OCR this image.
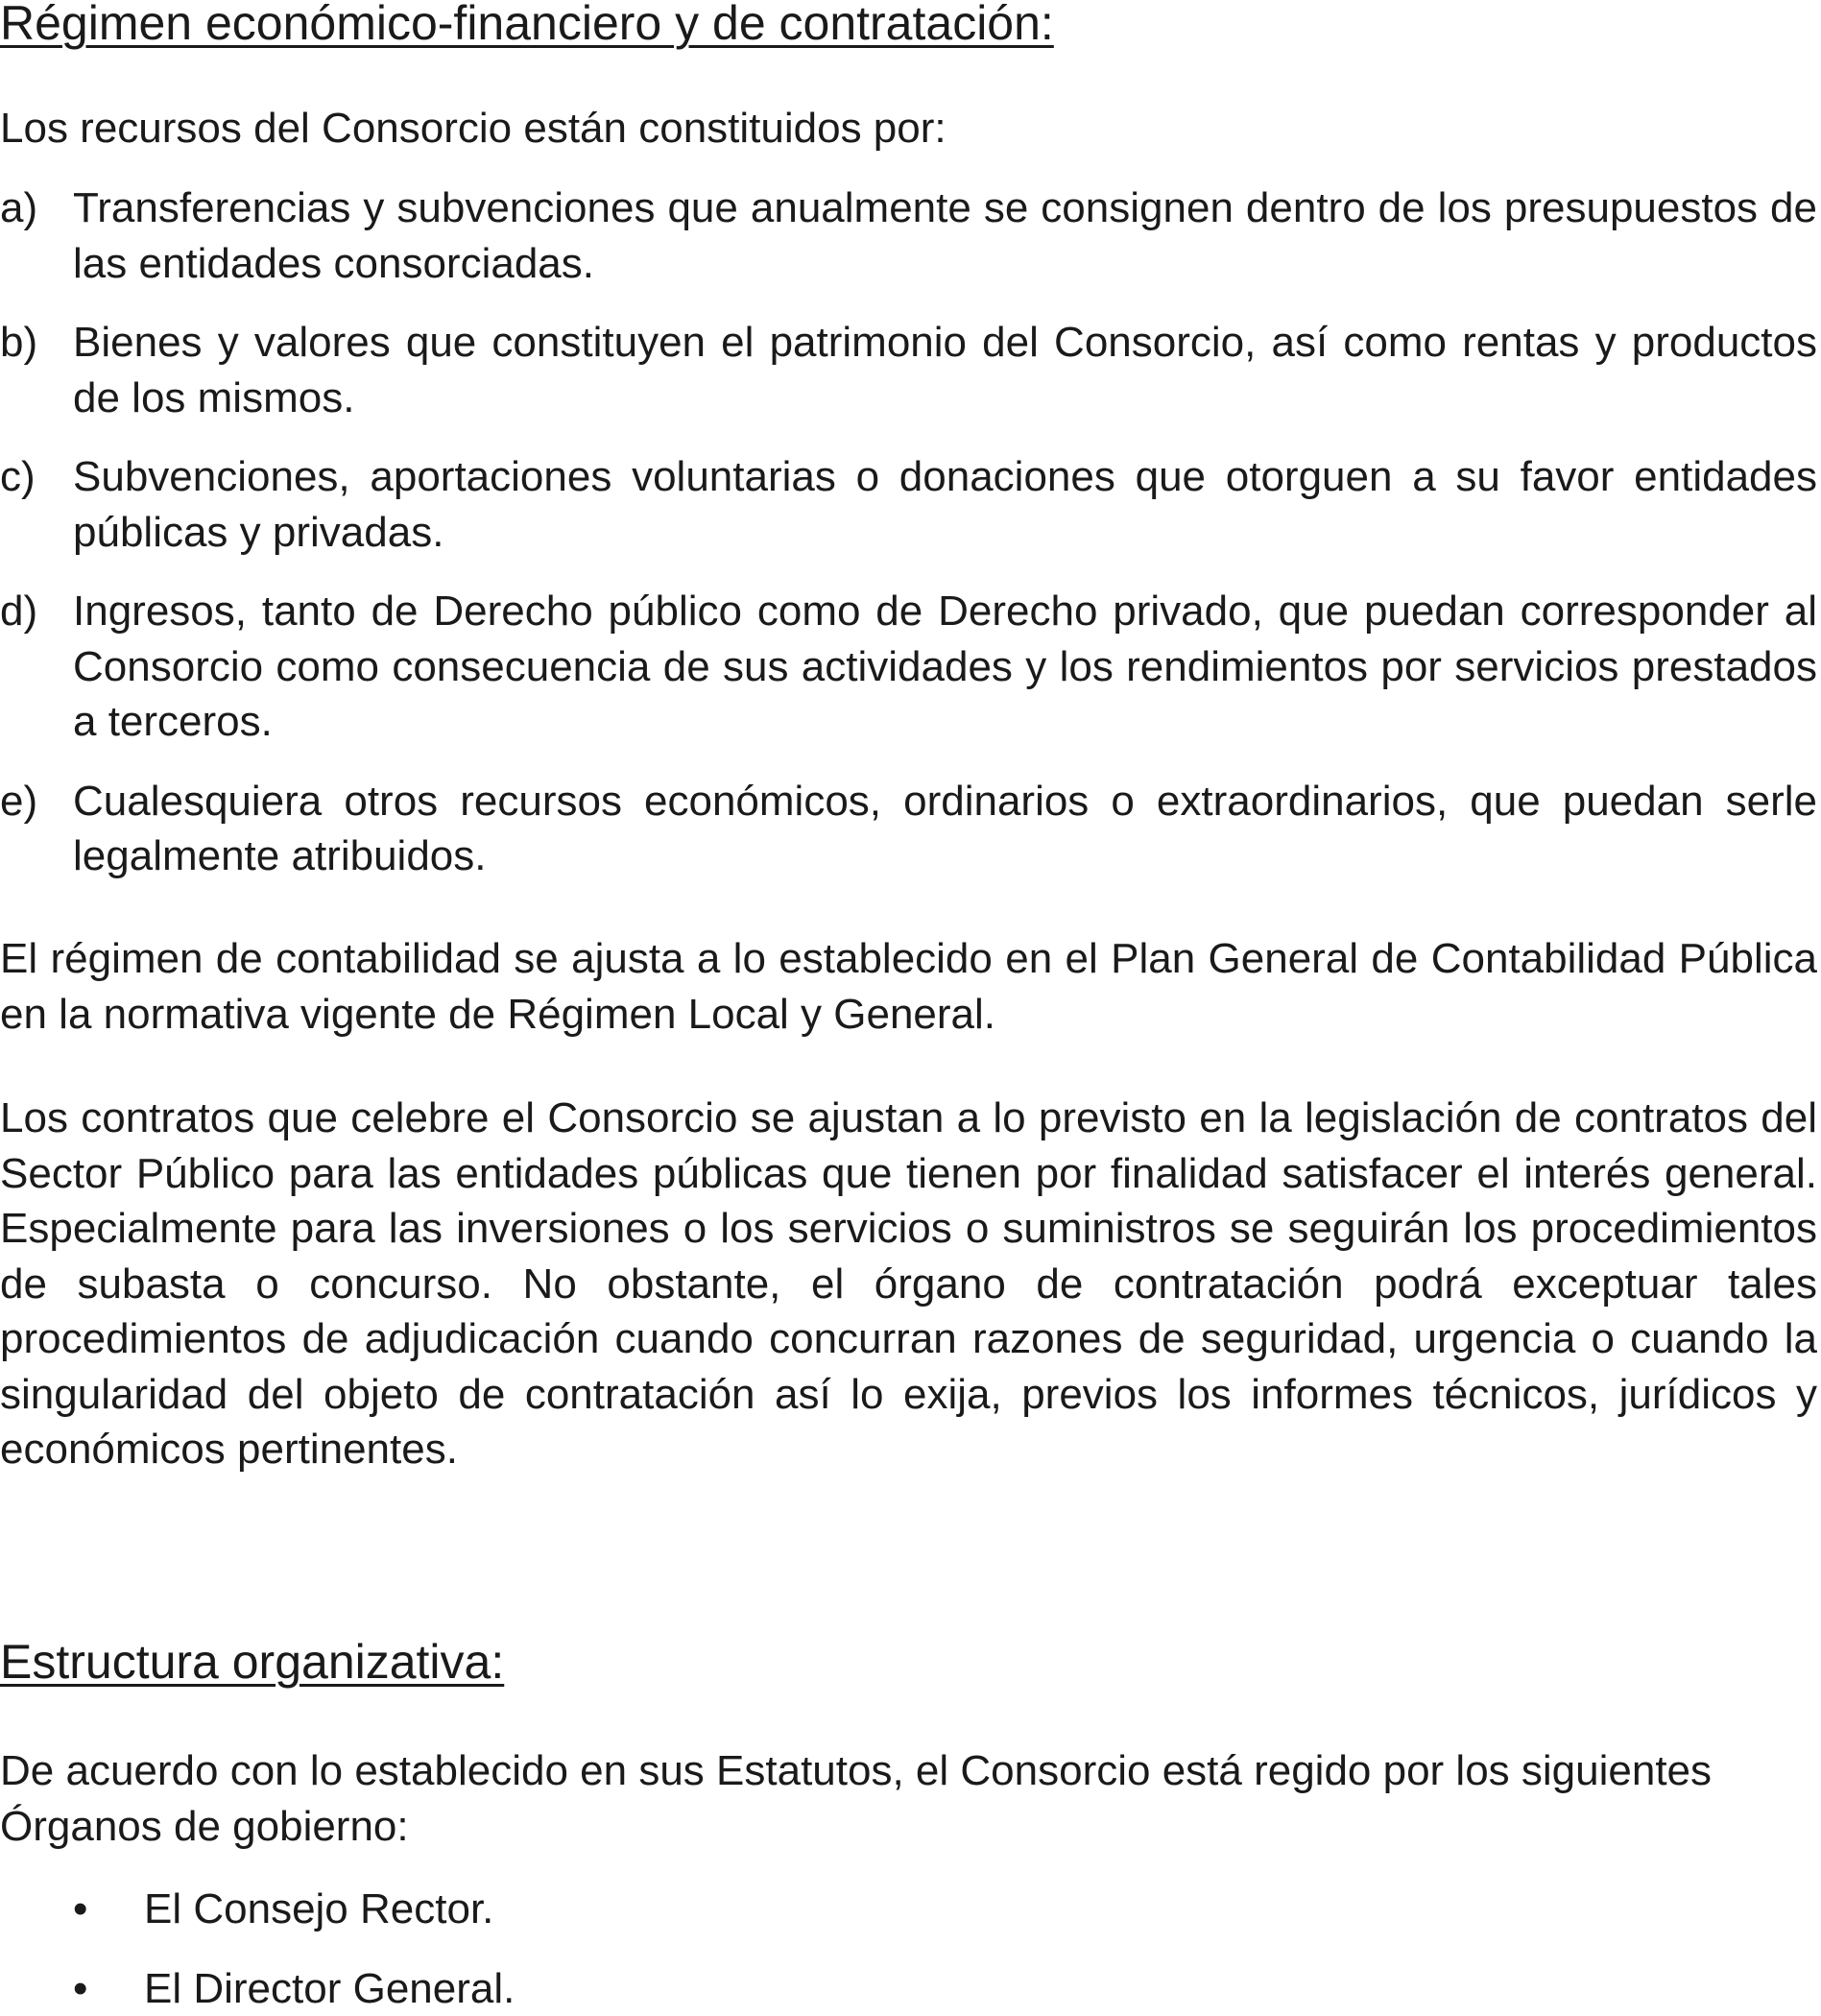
Régimen económico-financiero y de contratación:

Los recursos del Consorcio están constituidos por:

a) Transferencias y subvenciones que anualmente se consignen dentro de los presupuestos de las entidades consorciadas.
b) Bienes y valores que constituyen el patrimonio del Consorcio, así como rentas y productos de los mismos.
c) Subvenciones, aportaciones voluntarias o donaciones que otorguen a su favor entidades públicas y privadas.
d) Ingresos, tanto de Derecho público como de Derecho privado, que puedan corresponder al Consorcio como consecuencia de sus actividades y los rendimientos por servicios prestados a terceros.
e) Cualesquiera otros recursos económicos, ordinarios o extraordinarios, que puedan serle legalmente atribuidos.

El régimen de contabilidad se ajusta a lo establecido en el Plan General de Contabilidad Pública en la normativa vigente de Régimen Local y General.

Los contratos que celebre el Consorcio se ajustan a lo previsto en la legislación de contratos del Sector Público para las entidades públicas que tienen por finalidad satisfacer el interés general. Especialmente para las inversiones o los servicios o suministros se seguirán los procedimientos de subasta o concurso. No obstante, el órgano de contratación podrá exceptuar tales procedimientos de adjudicación cuando concurran razones de seguridad, urgencia o cuando la singularidad del objeto de contratación así lo exija, previos los informes técnicos, jurídicos y económicos pertinentes.

Estructura organizativa:

De acuerdo con lo establecido en sus Estatutos, el Consorcio está regido por los siguientes Órganos de gobierno:

•	El Consejo Rector.
•	El Director General.
